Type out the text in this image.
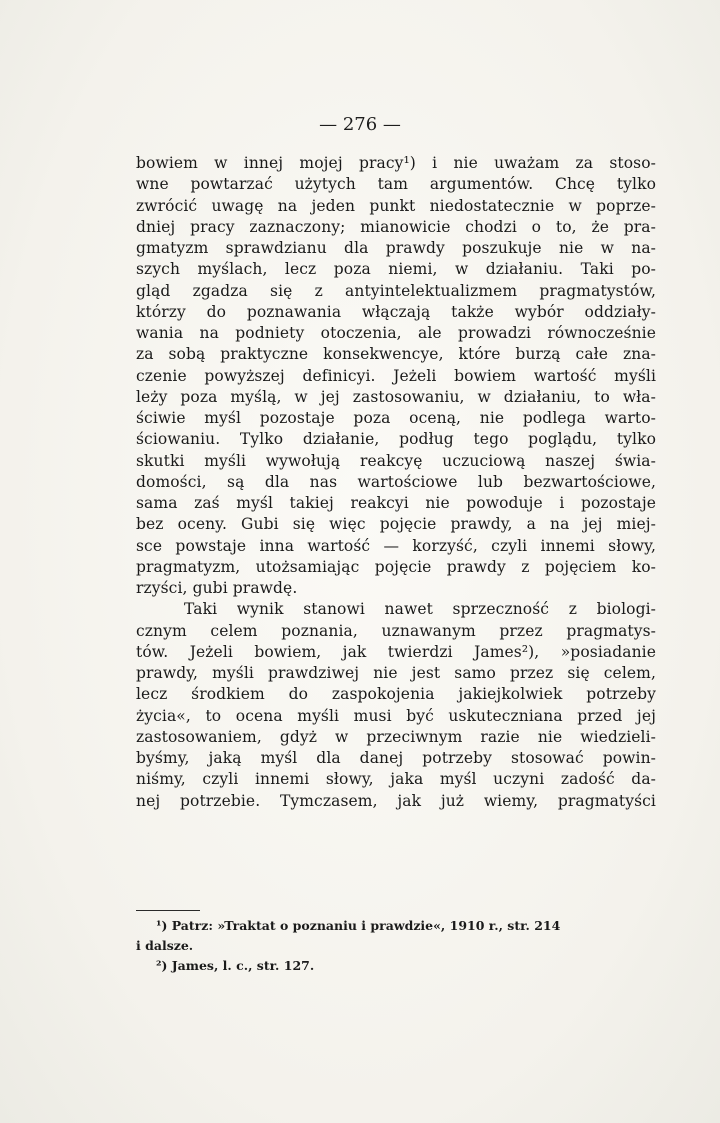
— 276 —
bowiem w innej mojej pracy¹) i nie uważam za stoso-
wne powtarzać użytych tam argumentów. Chcę tylko
zwrócić uwagę na jeden punkt niedostatecznie w poprze-
dniej pracy zaznaczony; mianowicie chodzi o to, że pra-
gmatyzm sprawdzianu dla prawdy poszukuje nie w na-
szych myślach, lecz poza niemi, w działaniu. Taki po-
gląd zgadza się z antyintelektualizmem pragmatystów,
którzy do poznawania włączają także wybór oddziały-
wania na podniety otoczenia, ale prowadzi równocześnie
za sobą praktyczne konsekwencye, które burzą całe zna-
czenie powyższej definicyi. Jeżeli bowiem wartość myśli
leży poza myślą, w jej zastosowaniu, w działaniu, to wła-
ściwie myśl pozostaje poza oceną, nie podlega warto-
ściowaniu. Tylko działanie, podług tego poglądu, tylko
skutki myśli wywołują reakcyę uczuciową naszej świa-
domości, są dla nas wartościowe lub bezwartościowe,
sama zaś myśl takiej reakcyi nie powoduje i pozostaje
bez oceny. Gubi się więc pojęcie prawdy, a na jej miej-
sce powstaje inna wartość — korzyść, czyli innemi słowy,
pragmatyzm, utożsamiając pojęcie prawdy z pojęciem ko-
rzyści, gubi prawdę.
Taki wynik stanowi nawet sprzeczność z biologi-
cznym celem poznania, uznawanym przez pragmatys-
tów. Jeżeli bowiem, jak twierdzi James²), »posiadanie
prawdy, myśli prawdziwej nie jest samo przez się celem,
lecz środkiem do zaspokojenia jakiejkolwiek potrzeby
życia«, to ocena myśli musi być uskuteczniana przed jej
zastosowaniem, gdyż w przeciwnym razie nie wiedzieli-
byśmy, jaką myśl dla danej potrzeby stosować powin-
niśmy, czyli innemi słowy, jaka myśl uczyni zadość da-
nej potrzebie. Tymczasem, jak już wiemy, pragmatyści
¹) Patrz: »Traktat o poznaniu i prawdzie«, 1910 r., str. 214
i dalsze.
²) James, l. c., str. 127.
